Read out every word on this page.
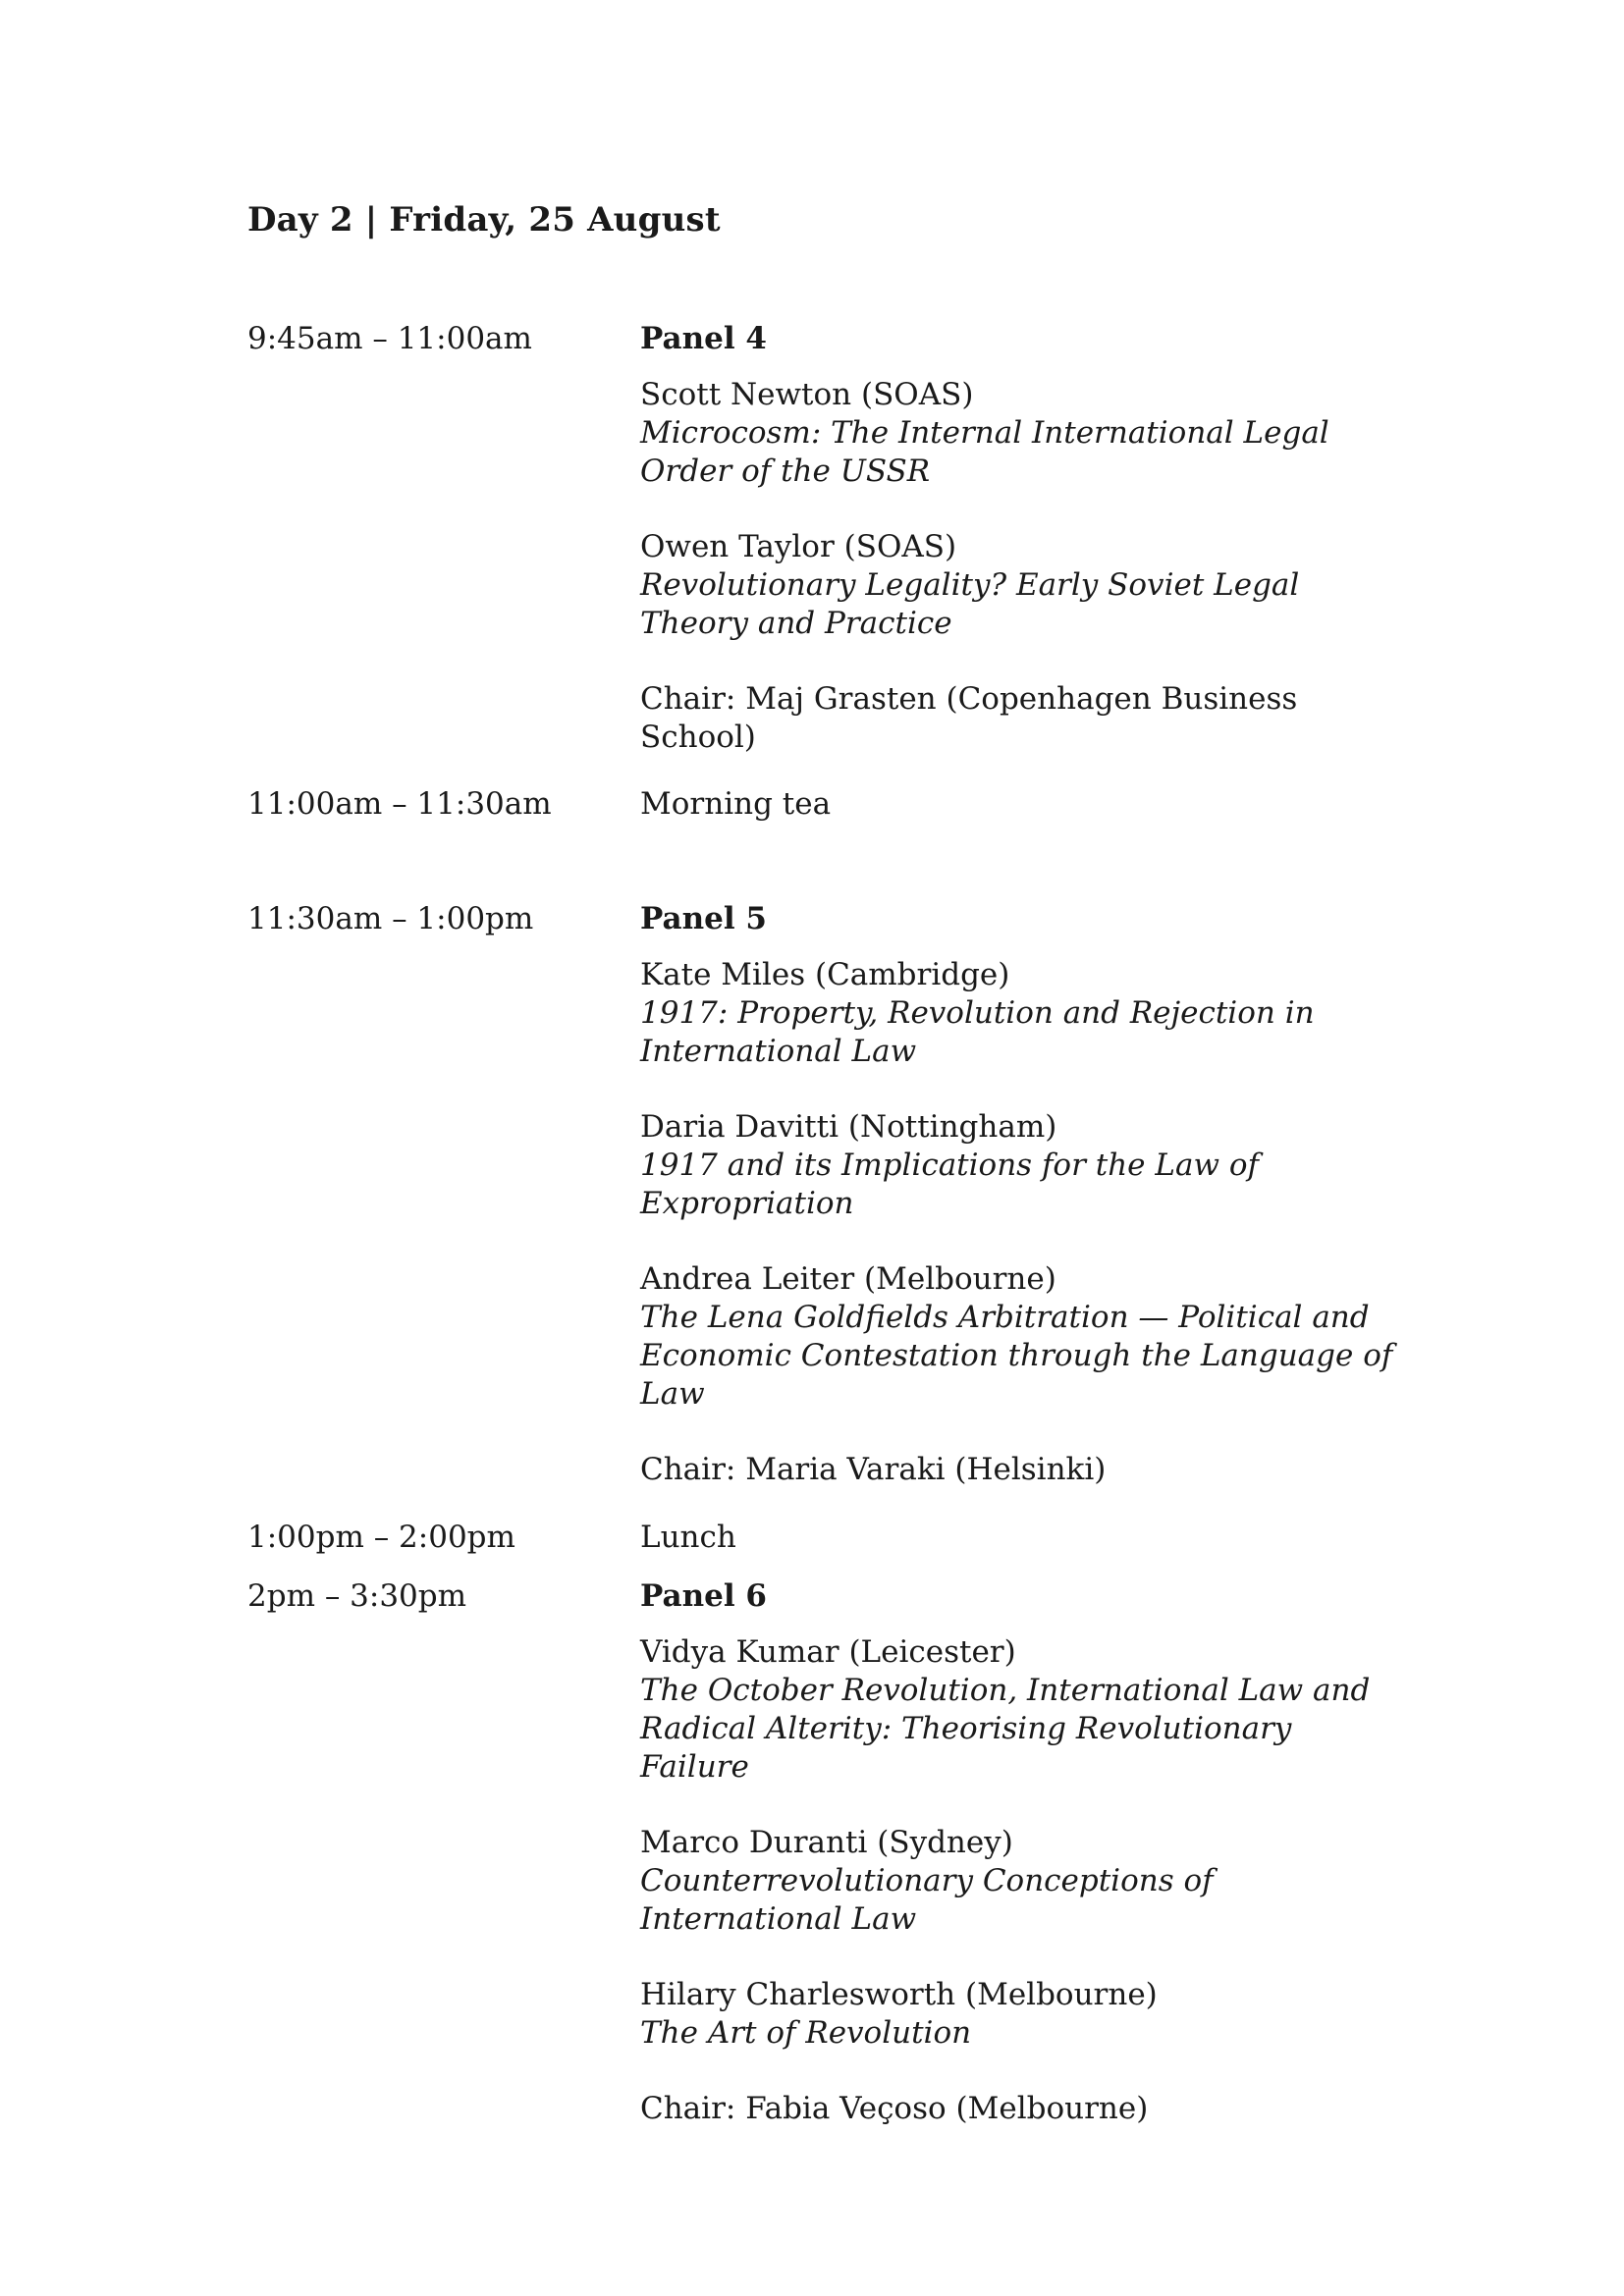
Day 2 | Friday, 25 August
9:45am – 11:00am	Panel 4
Scott Newton (SOAS)
Microcosm: The Internal International Legal Order of the USSR
Owen Taylor (SOAS)
Revolutionary Legality? Early Soviet Legal Theory and Practice
Chair: Maj Grasten (Copenhagen Business School)
11:00am – 11:30am	Morning tea
11:30am – 1:00pm	Panel 5
Kate Miles (Cambridge)
1917: Property, Revolution and Rejection in International Law
Daria Davitti (Nottingham)
1917 and its Implications for the Law of Expropriation
Andrea Leiter (Melbourne)
The Lena Goldfields Arbitration — Political and Economic Contestation through the Language of Law
Chair: Maria Varaki (Helsinki)
1:00pm – 2:00pm	Lunch
2pm – 3:30pm	Panel 6
Vidya Kumar (Leicester)
The October Revolution, International Law and Radical Alterity: Theorising Revolutionary Failure
Marco Duranti (Sydney)
Counterrevolutionary Conceptions of International Law
Hilary Charlesworth (Melbourne)
The Art of Revolution
Chair: Fabia Veçoso (Melbourne)
